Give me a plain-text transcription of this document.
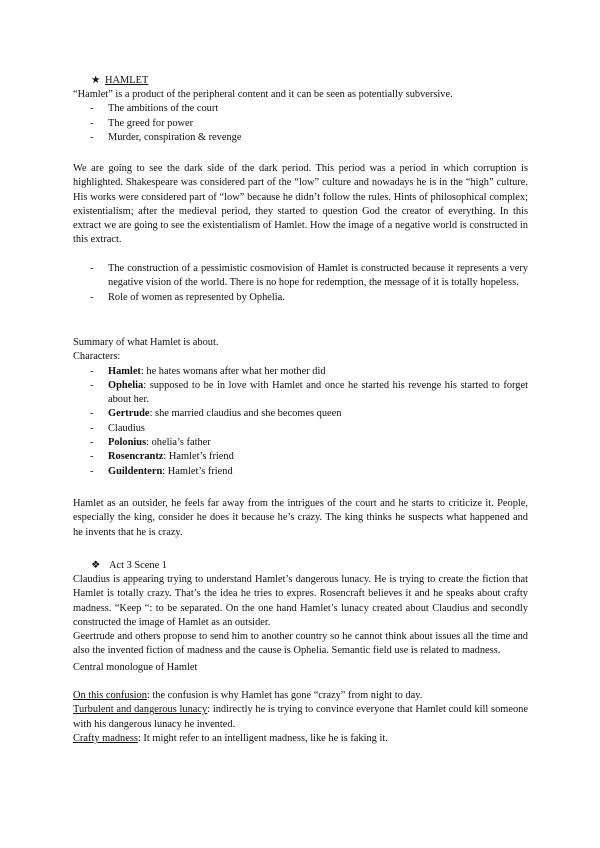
★ HAMLET
“Hamlet” is a product of the peripheral content and it can be seen as potentially subversive.
- The ambitions of the court
- The greed for power
- Murder, conspiration & revenge
We are going to see the dark side of the dark period. This period was a period in which corruption is highlighted. Shakespeare was considered part of the “low” culture and nowadays he is in the “high” culture. His works were considered part of “low” because he didn’t follow the rules. Hints of philosophical complex; existentialism; after the medieval period, they started to question God the creator of everything. In this extract we are going to see the existentialism of Hamlet. How the image of a negative world is constructed in this extract.
- The construction of a pessimistic cosmovision of Hamlet is constructed because it represents a very negative vision of the world. There is no hope for redemption, the message of it is totally hopeless.
- Role of women as represented by Ophelia.
Summary of what Hamlet is about.
Characters:
- Hamlet: he hates womans after what her mother did
- Ophelia: supposed to be in love with Hamlet and once he started his revenge his started to forget about her.
- Gertrude: she married claudius and she becomes queen
- Claudius
- Polonius: ohelia’s father
- Rosencrantz: Hamlet’s friend
- Guildentern: Hamlet’s friend
Hamlet as an outsider, he feels far away from the intrigues of the court and he starts to criticize it. People, especially the king, consider he does it because he’s crazy. The king thinks he suspects what happened and he invents that he is crazy.
❖ Act 3 Scene 1
Claudius is appearing trying to understand Hamlet’s dangerous lunacy. He is trying to create the fiction that Hamlet is totally crazy. That’s the idea he tries to expres. Rosencraft believes it and he speaks about crafty madness. “Keep “: to be separated. On the one hand Hamlet’s lunacy created about Claudius and secondly constructed the image of Hamlet as an outsider.
Geertrude and others propose to send him to another country so he cannot think about issues all the time and also the invented fiction of madness and the cause is Ophelia. Semantic field use is related to madness.
Central monologue of Hamlet
On this confusion: the confusion is why Hamlet has gone “crazy” from night to day.
Turbulent and dangerous lunacy: indirectly he is trying to convince everyone that Hamlet could kill someone with his dangerous lunacy he invented.
Crafty madness: It might refer to an intelligent madness, like he is faking it.
